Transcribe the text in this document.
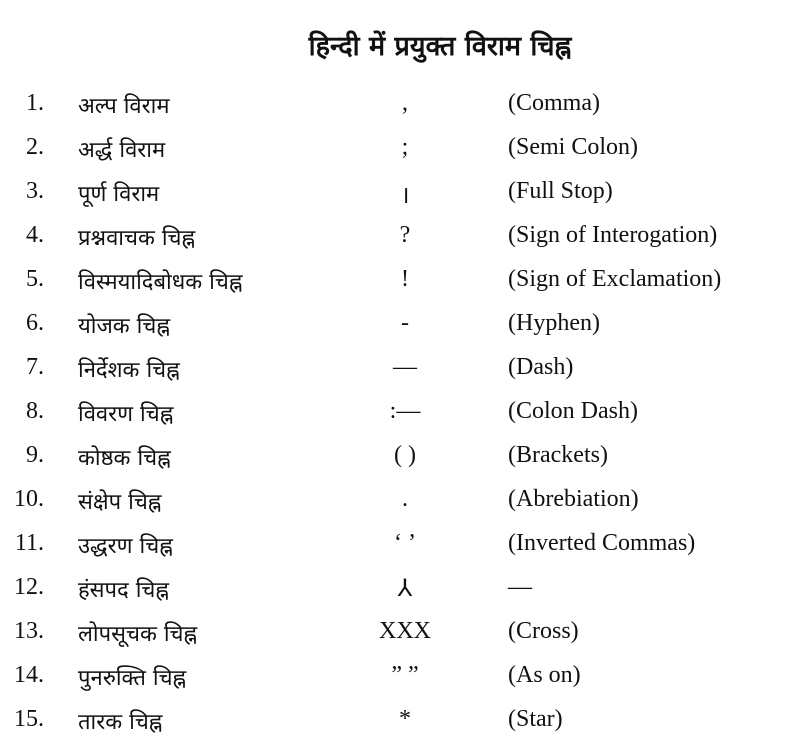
हिन्दी में प्रयुक्त विराम चिह्न
1. अल्प विराम	,	(Comma)
2. अर्द्ध विराम	;	(Semi Colon)
3. पूर्ण विराम	।	(Full Stop)
4. प्रश्नवाचक चिह्न	?	(Sign of Interogation)
5. विस्मयादिबोधक चिह्न	!	(Sign of Exclamation)
6. योजक चिह्न	-	(Hyphen)
7. निर्देशक चिह्न	—	(Dash)
8. विवरण चिह्न	:—	(Colon Dash)
9. कोष्ठक चिह्न	( )	(Brackets)
10. संक्षेप चिह्न	.	(Abrebiation)
11. उद्धरण चिह्न	‘ ’	(Inverted Commas)
12. हंसपद चिह्न	⅄	—
13. लोपसूचक चिह्न	XXX	(Cross)
14. पुनरुक्ति चिह्न	” ”	(As on)
15. तारक चिह्न	*	(Star)
